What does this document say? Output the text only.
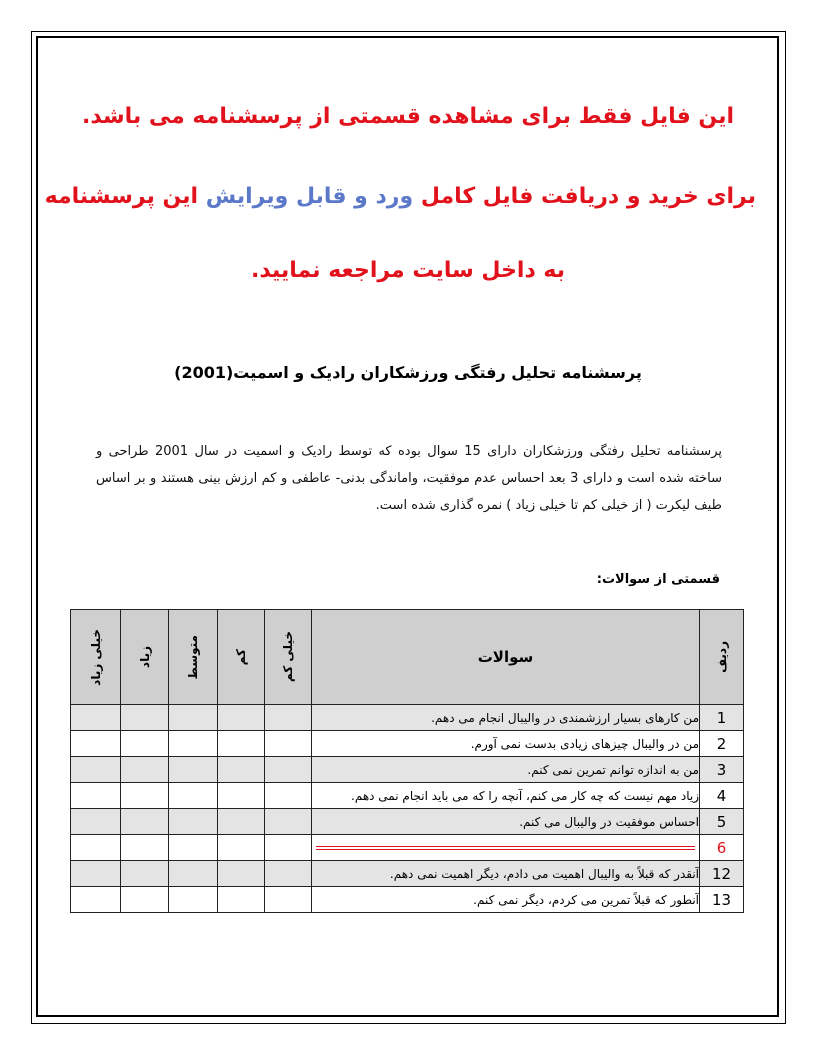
این فایل فقط برای مشاهده قسمتی از پرسشنامه می باشد.
برای خرید و دریافت فایل کامل ورد و قابل ویرایش این پرسشنامه
به داخل سایت مراجعه نمایید.
پرسشنامه تحلیل رفتگی ورزشکاران رادیک و اسمیت(2001)
پرسشنامه تحلیل رفتگی ورزشکاران دارای 15 سوال بوده که توسط رادیک و اسمیت در سال 2001 طراحی و ساخته شده است و دارای 3 بعد احساس عدم موفقیت، واماندگی بدنی- عاطفی و کم ارزش بینی هستند و بر اساس طیف لیکرت ( از خیلی کم تا خیلی زیاد ) نمره گذاری شده است.
قسمتی از سوالات:
ردیف	سوالات	خیلی کم	کم	متوسط	زیاد	خیلی زیاد

1	من کارهای بسیار ارزشمندی در والیبال انجام می دهم.					
2	من در والیبال چیزهای زیادی بدست نمی آورم.					
3	من به اندازه توانم تمرین نمی کنم.					
4	زیاد مهم نیست که چه کار می کنم، آنچه را که می باید انجام نمی دهم.					
5	احساس موفقیت در والیبال می کنم.					
6	

12	آنقدر که قبلاً به والیبال اهمیت می دادم، دیگر اهمیت نمی دهم.					
13	آنطور که قبلاً تمرین می کردم، دیگر نمی کنم.					
